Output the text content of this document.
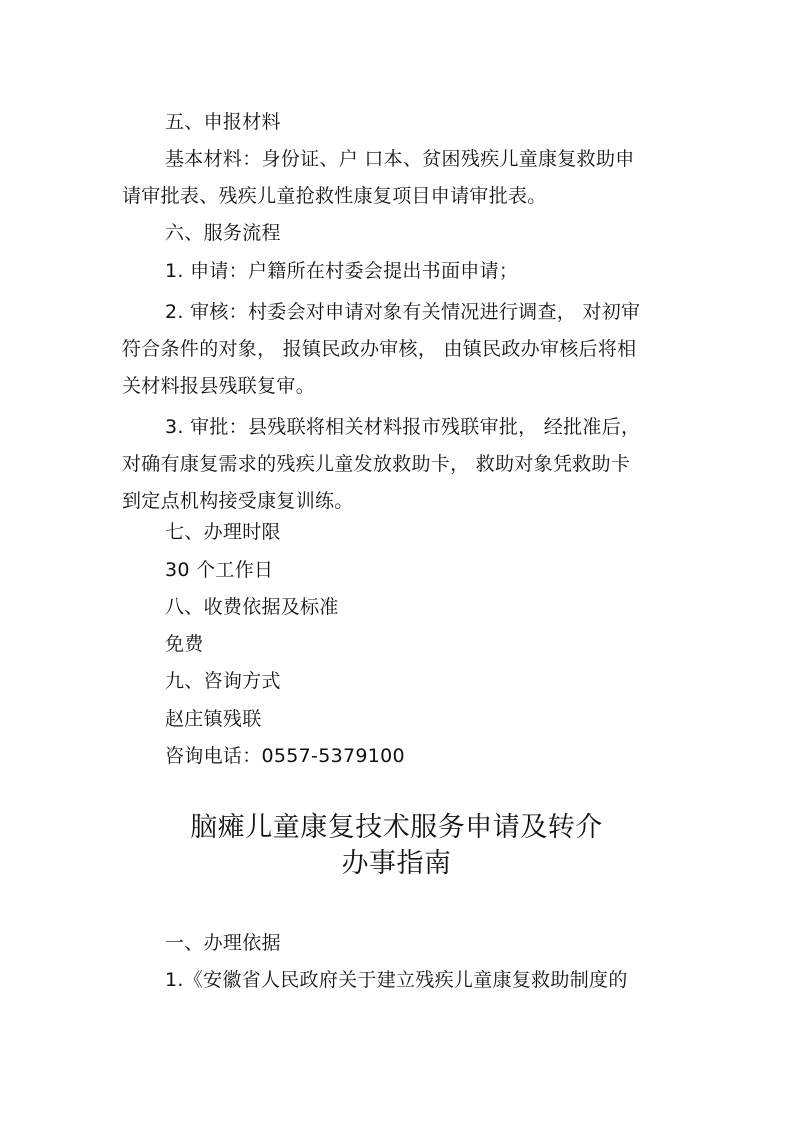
五、申报材料
基本材料：身份证、户 口本、贫困残疾儿童康复救助申
请审批表、残疾儿童抢救性康复项目申请审批表。
六、服务流程
1. 申请：户籍所在村委会提出书面申请；
2. 审核：村委会对申请对象有关情况进行调查， 对初审
符合条件的对象， 报镇民政办审核， 由镇民政办审核后将相
关材料报县残联复审。
3. 审批：县残联将相关材料报市残联审批， 经批准后，
对确有康复需求的残疾儿童发放救助卡， 救助对象凭救助卡
到定点机构接受康复训练。
七、办理时限
30 个工作日
八、收费依据及标准
免费
九、咨询方式
赵庄镇残联
咨询电话：0557-5379100
脑瘫儿童康复技术服务申请及转介
办事指南
一、办理依据
1.《安徽省人民政府关于建立残疾儿童康复救助制度的
